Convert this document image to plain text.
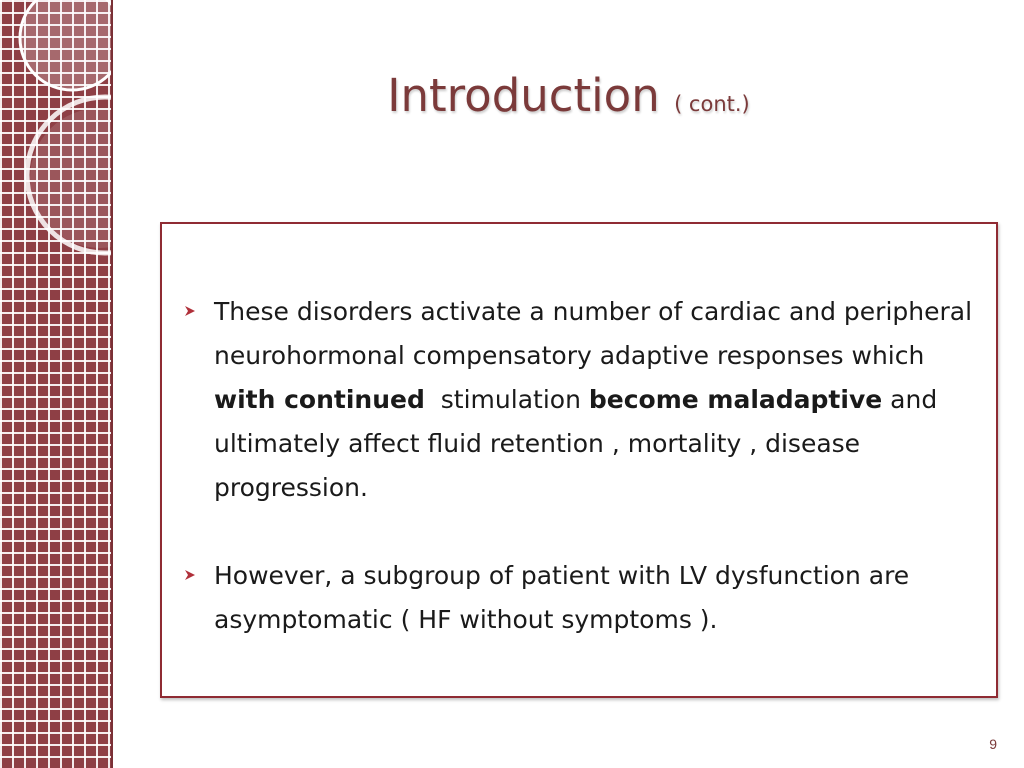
Introduction ( cont.)
These disorders activate a number of cardiac and peripheral neurohormonal compensatory adaptive responses which with continued  stimulation become maladaptive and ultimately affect fluid retention , mortality , disease progression.
However, a subgroup of patient with LV dysfunction are asymptomatic ( HF without symptoms ).
9
